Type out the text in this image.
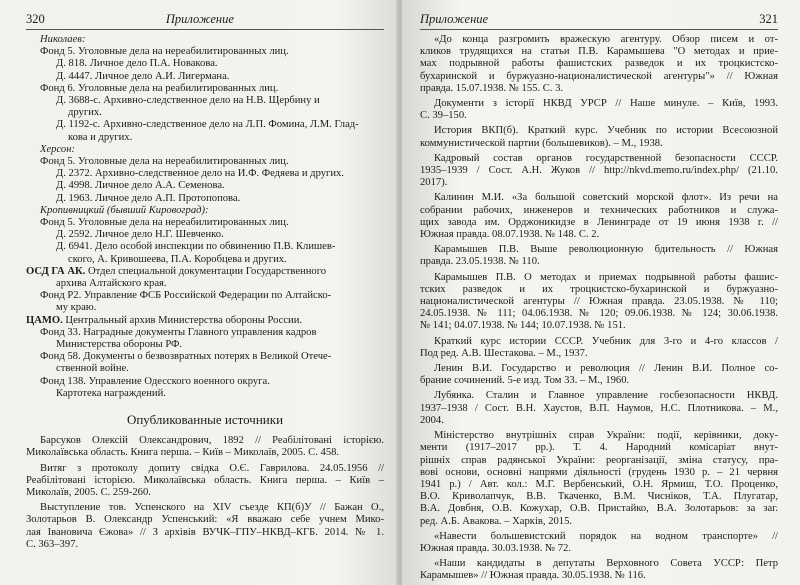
320	Приложение
Николаев:
Фонд 5. Уголовные дела на нереабилитированных лиц.
Д. 818. Личное дело П.А. Новакова.
Д. 4447. Личное дело А.И. Лигермана.
Фонд 6. Уголовные дела на реабилитированных лиц.
Д. 3688-с. Архивно-следственное дело на Н.В. Щербину и
других.
Д. 1192-с. Архивно-следственное дело на Л.П. Фомина, Л.М. Глад-
кова и других.
Херсон:
Фонд 5. Уголовные дела на нереабилитированных лиц.
Д. 2372. Архивно-следственное дело на И.Ф. Федяева и других.
Д. 4998. Личное дело А.А. Семенова.
Д. 1963. Личное дело А.П. Протопопова.
Кропивницкий (бывший Кировоград):
Фонд 5. Уголовные дела на нереабилитированных лиц.
Д. 2592. Личное дело Н.Г. Шевченко.
Д. 6941. Дело особой инспекции по обвинению П.В. Клишев-
ского, А. Кривошеева, П.А. Коробцева и других.
ОСД ГА АК. Отдел специальной документации Государственного
архива Алтайского края.
Фонд Р2. Управление ФСБ Российской Федерации по Алтайско-
му краю.
ЦАМО. Центральный архив Министерства обороны России.
Фонд 33. Наградные документы Главного управления кадров
Министерства обороны РФ.
Фонд 58. Документы о безвозвратных потерях в Великой Отече-
ственной войне.
Фонд 138. Управление Одесского военного округа.
Картотека награждений.
Опубликованные источники
Барсуков Олексій Олександрович, 1892 // Реабілітовані історією.
Миколаївська область. Книга перша. – Київ – Миколаїв, 2005. С. 458.
Витяг з протоколу допиту свідка О.Є. Гаврилова. 24.05.1956 //
Реабілітовані історією. Миколаївська область. Книга перша. – Київ –
Миколаїв, 2005. С. 259-260.
Выступление тов. Успенского на XIV съезде КП(б)У // Бажан О.,
Золотарьов В. Олександр Успенський: «Я вважаю себе учнем Мико-
лая Івановича Єжова» // З архівів ВУЧК–ГПУ–НКВД–КГБ. 2014. № 1.
С. 363–397.
Приложение	321
«До конца разгромить вражескую агентуру. Обзор писем и от-
кликов трудящихся на статьи П.В. Карамышева "О методах и прие-
мах подрывной работы фашистских разведок и их троцкистско-
бухаринской и буржуазно-националистической агентуры"» // Южная
правда. 15.07.1938. № 155. С. 3.
Документи з історії НКВД УРСР // Наше минуле. – Київ, 1993.
С. 39–150.
История ВКП(б). Краткий курс. Учебник по истории Всесоюзной
коммунистической партии (большевиков). – М., 1938.
Кадровый состав органов государственной безопасности СССР.
1935–1939 / Сост. А.Н. Жуков // http://nkvd.memo.ru/index.php/ (21.10.
2017).
Калинин М.И. «За большой советский морской флот». Из речи на
собрании рабочих, инженеров и технических работников и служа-
щих завода им. Орджоникидзе в Ленинграде от 19 июня 1938 г. //
Южная правда. 08.07.1938. № 148. С. 2.
Карамышев П.В. Выше революционную бдительность // Южная
правда. 23.05.1938. № 110.
Карамышев П.В. О методах и приемах подрывной работы фашис-
тских разведок и их троцкистско-бухаринской и буржуазно-
националистической агентуры // Южная правда. 23.05.1938. № 110;
24.05.1938. № 111; 04.06.1938. № 120; 09.06.1938. № 124; 30.06.1938.
№ 141; 04.07.1938. № 144; 10.07.1938. № 151.
Краткий курс истории СССР. Учебник для 3-го и 4-го классов /
Под ред. А.В. Шестакова. – М., 1937.
Ленин В.И. Государство и революция // Ленин В.И. Полное со-
брание сочинений. 5-е изд. Том 33. – М., 1960.
Лубянка. Сталин и Главное управление госбезопасности НКВД.
1937–1938 / Сост. В.Н. Хаустов, В.П. Наумов, Н.С. Плотникова. – М.,
2004.
Міністерство внутрішніх справ України: події, керівники, доку-
менти (1917–2017 рр.). Т. 4. Народний комісаріат внут-
рішніх справ радянської України: реорганізації, зміна статусу, пра-
вові основи, основні напрями діяльності (грудень 1930 р. – 21 червня
1941 р.) / Авт. кол.: М.Г. Вербенський, О.Н. Ярмиш, Т.О. Проценко,
В.О. Криволапчук, В.В. Ткаченко, В.М. Чисніков, Т.А. Плугатар,
В.А. Довбня, О.В. Кожухар, О.В. Пристайко, В.А. Золотарьов: за заг.
ред. А.Б. Авакова. – Харків, 2015.
«Навести большевистский порядок на водном транспорте» //
Южная правда. 30.03.1938. № 72.
«Наши кандидаты в депутаты Верховного Совета УССР: Петр
Карамышев» // Южная правда. 30.05.1938. № 116.
